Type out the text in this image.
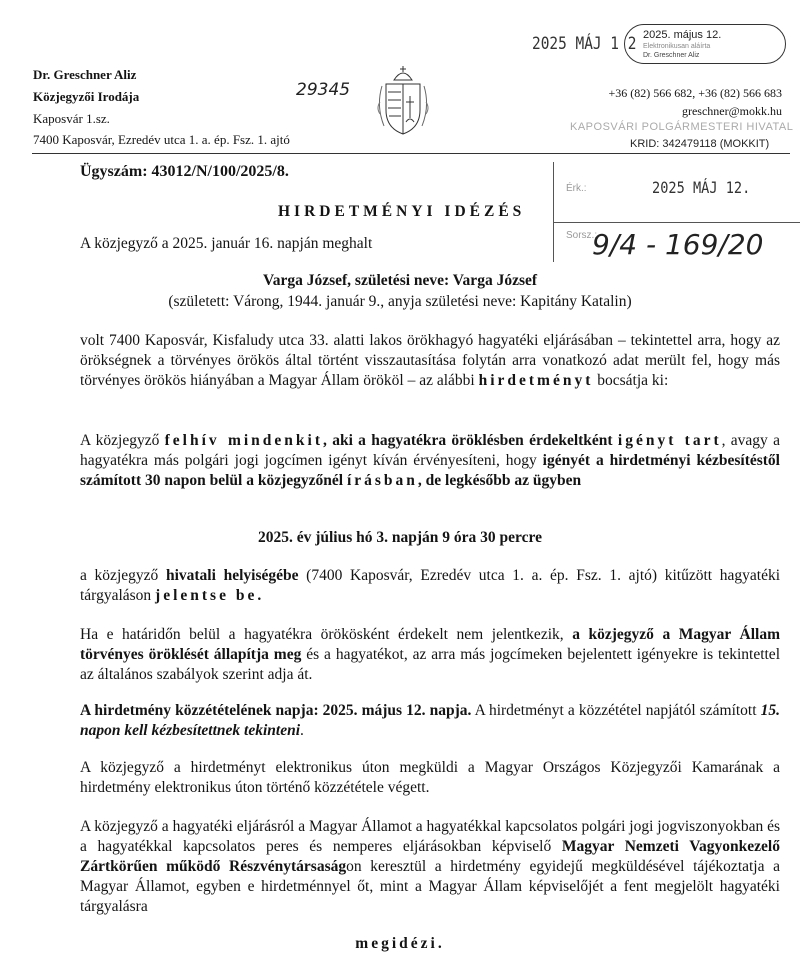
Dr. Greschner Aliz
Közjegyzői Irodája
Kaposvár 1.sz.
7400 Kaposvár, Ezredév utca 1. a. ép. Fsz. 1. ajtó
29345
2025 MÁJ 1 2 2025. május 12.
Elektronikusan aláírta
Dr. Greschner Aliz
+36 (82) 566 682, +36 (82) 566 683
greschner@mokk.hu
KAPOSVÁRI POLGÁRMESTERI HIVATAL
KRID: 342479118 (MOKKIT)
Érk.:	2025 MÁJ 12.
Sorsz.:
9/4 - 169/20
Ügyszám: 43012/N/100/2025/8.
HIRDETMÉNYI IDÉZÉS
A közjegyző a 2025. január 16. napján meghalt
Varga József, születési neve: Varga József
(született: Várong, 1944. január 9., anyja születési neve: Kapitány Katalin)
volt 7400 Kaposvár, Kisfaludy utca 33. alatti lakos örökhagyó hagyatéki eljárásában – tekintettel arra, hogy az örökségnek a törvényes örökös által történt visszautasítása folytán arra vonatkozó adat merült fel, hogy más törvényes örökös hiányában a Magyar Állam örököl – az alábbi hirdetményt bocsátja ki:
A közjegyző felhív mindenkit, aki a hagyatékra öröklésben érdekeltként igényt tart, avagy a hagyatékra más polgári jogi jogcímen igényt kíván érvényesíteni, hogy igényét a hirdetményi kézbesítéstől számított 30 napon belül a közjegyzőnél írásban, de legkésőbb az ügyben
2025. év július hó 3. napján 9 óra 30 percre
a közjegyző hivatali helyiségébe (7400 Kaposvár, Ezredév utca 1. a. ép. Fsz. 1. ajtó) kitűzött hagyatéki tárgyaláson jelentse be.
Ha e határidőn belül a hagyatékra örökösként érdekelt nem jelentkezik, a közjegyző a Magyar Állam törvényes öröklését állapítja meg és a hagyatékot, az arra más jogcímeken bejelentett igényekre is tekintettel az általános szabályok szerint adja át.
A hirdetmény közzétételének napja: 2025. május 12. napja. A hirdetményt a közzététel napjától számított 15. napon kell kézbesítettnek tekinteni.
A közjegyző a hirdetményt elektronikus úton megküldi a Magyar Országos Közjegyzői Kamarának a hirdetmény elektronikus úton történő közzététele végett.
A közjegyző a hagyatéki eljárásról a Magyar Államot a hagyatékkal kapcsolatos polgári jogi jogviszonyokban és a hagyatékkal kapcsolatos peres és nemperes eljárásokban képviselő Magyar Nemzeti Vagyonkezelő Zártkörűen működő Részvénytársaságon keresztül a hirdetmény egyidejű megküldésével tájékoztatja a Magyar Államot, egyben e hirdetménnyel őt, mint a Magyar Állam képviselőjét a fent megjelölt hagyatéki tárgyalásra
megidézi.
